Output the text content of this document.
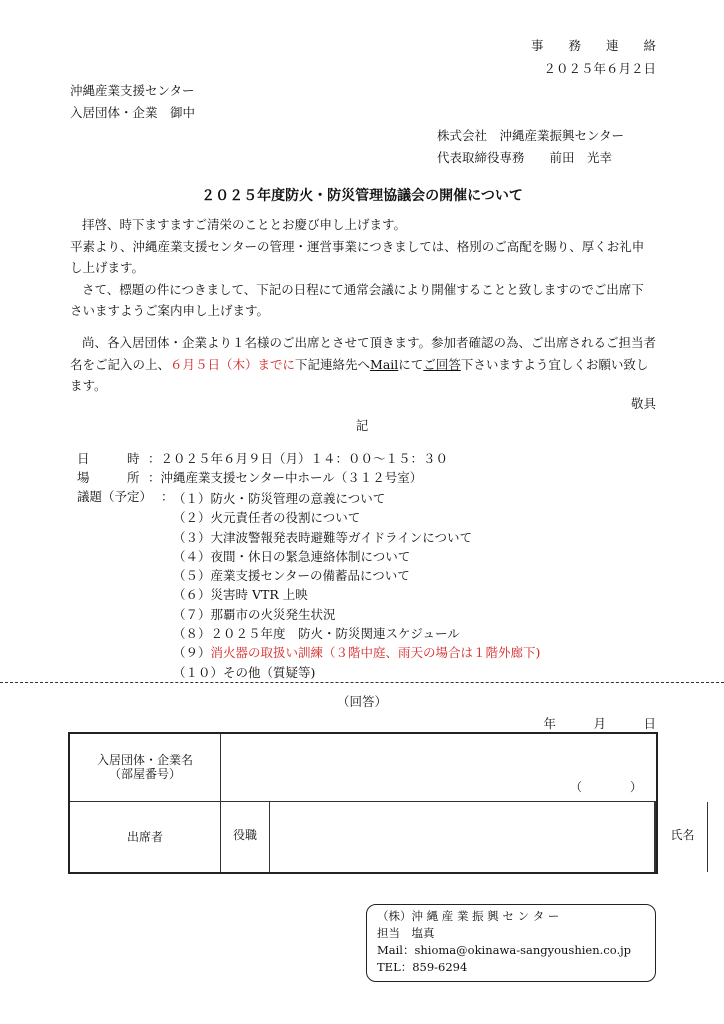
事　　務　　連　　絡
２０２５年６月２日
沖縄産業支援センター
入居団体・企業　御中
株式会社　沖縄産業振興センター
代表取締役専務　　前田　光幸
２０２５年度防火・防災管理協議会の開催について

拝啓、時下ますますご清栄のこととお慶び申し上げます。

平素より、沖縄産業支援センターの管理・運営事業につきましては、格別のご高配を賜り、厚くお礼申し上げます。

さて、標題の件につきまして、下記の日程にて通常会議により開催することと致しますのでご出席下さいますようご案内申し上げます。

尚、各入居団体・企業より１名様のご出席とさせて頂きます。参加者確認の為、ご出席されるご担当者名をご記入の上、６月５日（木）までに下記連絡先へMailにてご回答下さいますよう宜しくお願い致します。

敬具
記
日　　　時 ：２０２５年６月９日（月）１４：００～１５：３０
場　　　所 ：沖縄産業支援センター中ホール（３１２号室）
議題（予定） ： （１）防火・防災管理の意義について
（２）火元責任者の役割について
（３）大津波警報発表時避難等ガイドラインについて
（４）夜間・休日の緊急連絡体制について
（５）産業支援センターの備蓄品について
（６）災害時 VTR 上映
（７）那覇市の火災発生状況
（８）２０２５年度　防火・防災関連スケジュール
（９）消火器の取扱い訓練（３階中庭、雨天の場合は１階外廊下)
（１０）その他（質疑等)
（回答）
年　　　月　　　日
入居団体・企業名
（部屋番号）	（　　　　）	

出席者	役職	氏名
（株）沖 縄 産 業 振 興 セ ン タ ー
担当　塩真
Mail：shioma@okinawa-sangyoushien.co.jp
TEL：859-6294
